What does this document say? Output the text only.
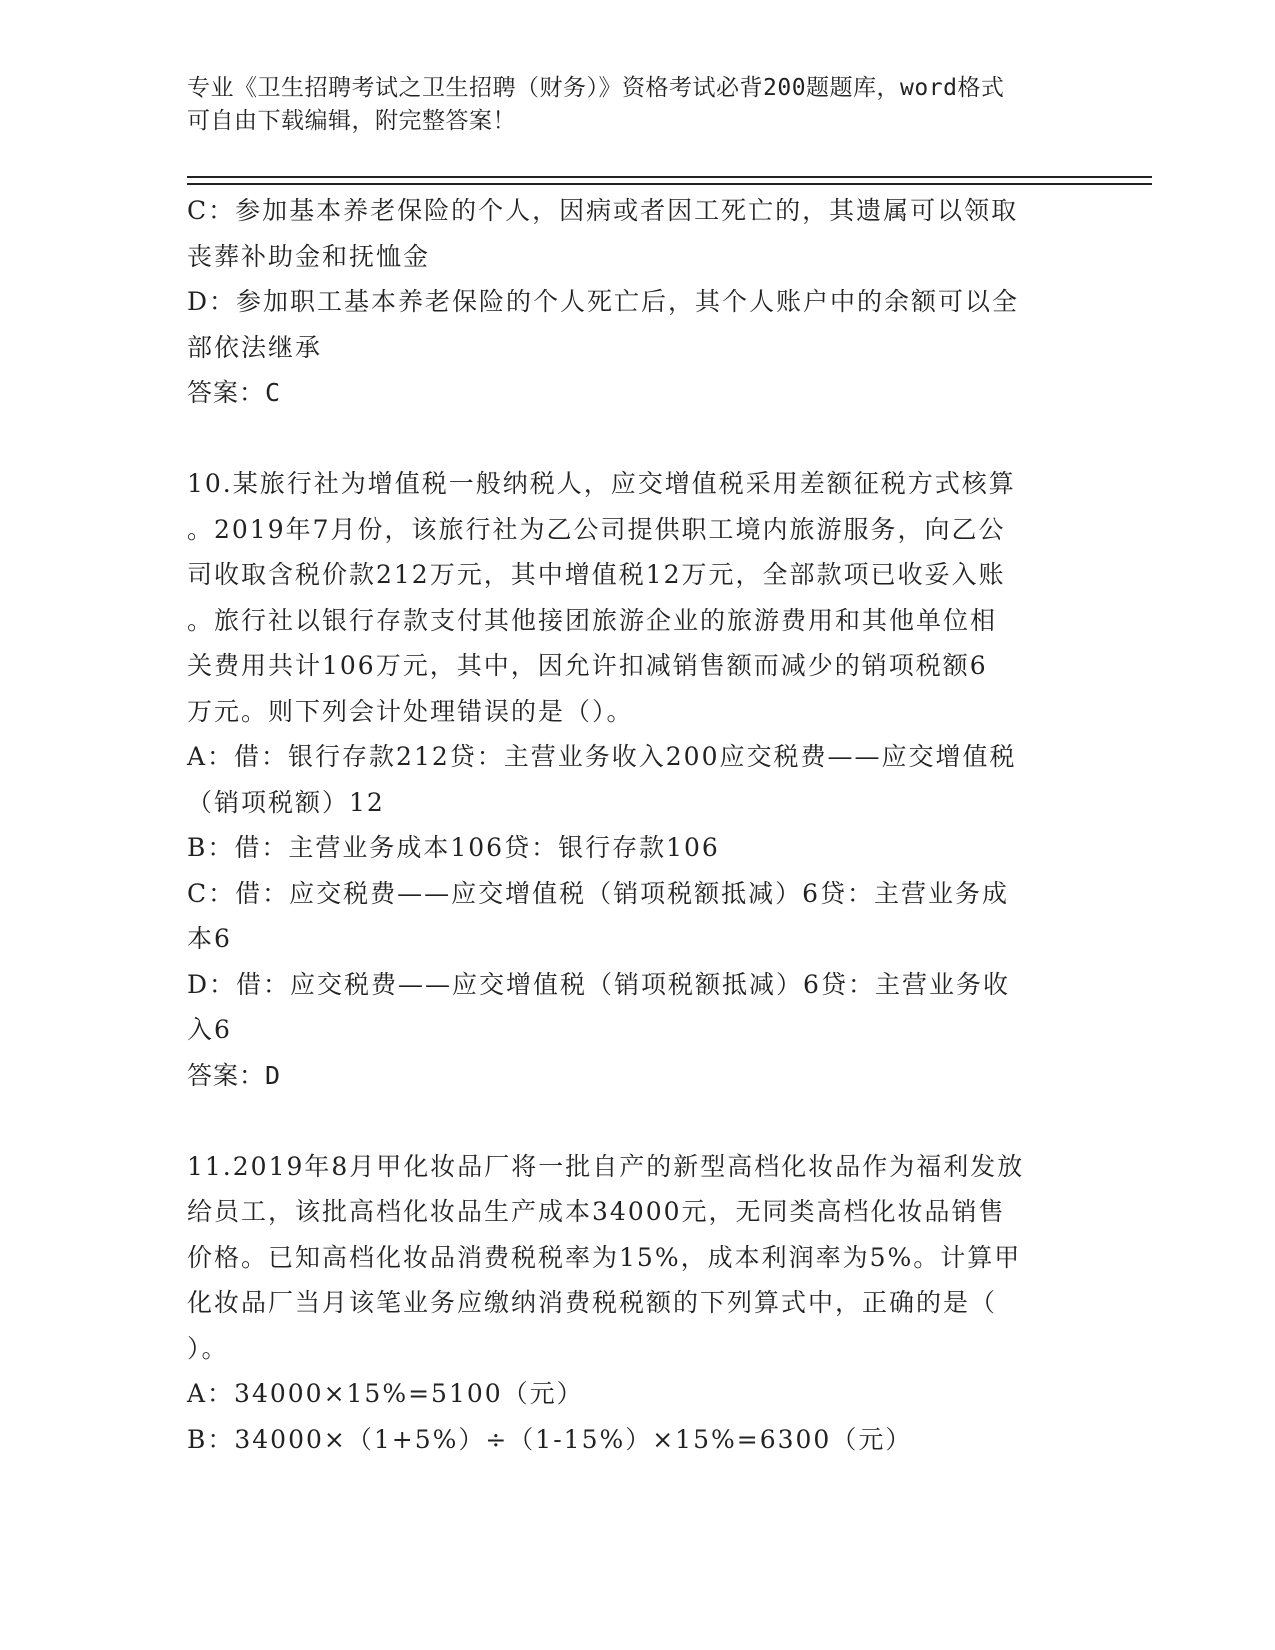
专业《卫生招聘考试之卫生招聘（财务）》资格考试必背200题题库，word格式
可自由下载编辑，附完整答案！

C：参加基本养老保险的个人，因病或者因工死亡的，其遗属可以领取

丧葬补助金和抚恤金

D：参加职工基本养老保险的个人死亡后，其个人账户中的余额可以全

部依法继承

答案：C

10.某旅行社为增值税一般纳税人，应交增值税采用差额征税方式核算

。2019年7月份，该旅行社为乙公司提供职工境内旅游服务，向乙公

司收取含税价款212万元，其中增值税12万元，全部款项已收妥入账

。旅行社以银行存款支付其他接团旅游企业的旅游费用和其他单位相

关费用共计106万元，其中，因允许扣减销售额而减少的销项税额6

万元。则下列会计处理错误的是（）。

A：借：银行存款212贷：主营业务收入200应交税费——应交增值税

（销项税额）12

B：借：主营业务成本106贷：银行存款106

C：借：应交税费——应交增值税（销项税额抵减）6贷：主营业务成

本6

D：借：应交税费——应交增值税（销项税额抵减）6贷：主营业务收

入6

答案：D

11.2019年8月甲化妆品厂将一批自产的新型高档化妆品作为福利发放

给员工，该批高档化妆品生产成本34000元，无同类高档化妆品销售

价格。已知高档化妆品消费税税率为15%，成本利润率为5%。计算甲

化妆品厂当月该笔业务应缴纳消费税税额的下列算式中，正确的是（

）。

A：34000×15%=5100（元）

B：34000×（1+5%）÷（1-15%）×15%=6300（元）
